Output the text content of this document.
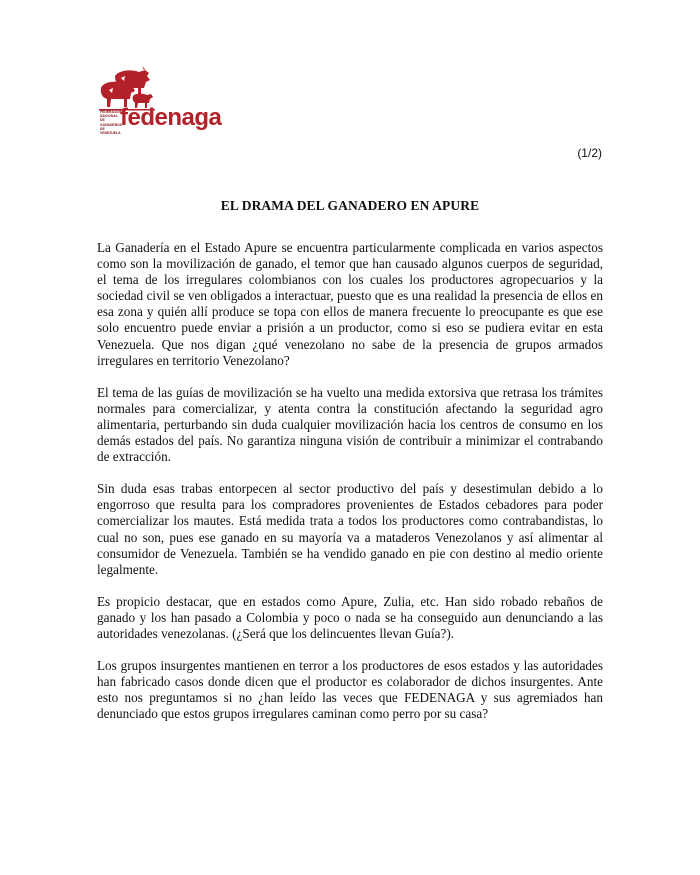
FEDERACIÓN
NACIONAL
DE GANADEROS
DE VENEZUELA
fedenaga
(1/2)
EL DRAMA DEL GANADERO EN APURE

La Ganadería en el Estado Apure se encuentra particularmente complicada en varios aspectos como son la movilización de ganado, el temor que han causado algunos cuerpos de seguridad, el tema de los irregulares colombianos con los cuales los productores agropecuarios y la sociedad civil se ven obligados a interactuar, puesto que es una realidad la presencia de ellos en esa zona y quién allí produce se topa con ellos de manera frecuente lo preocupante es que ese solo encuentro puede enviar a prisión a un productor, como si eso se pudiera evitar en esta Venezuela. Que nos digan ¿qué venezolano no sabe de la presencia de grupos armados irregulares en territorio Venezolano?

El tema de las guías de movilización se ha vuelto una medida extorsiva que retrasa los trámites normales para comercializar, y atenta contra la constitución afectando la seguridad agro alimentaria, perturbando sin duda cualquier movilización hacia los centros de consumo en los demás estados del país. No garantiza ninguna visión de contribuir a minimizar el contrabando de extracción.

Sin duda esas trabas entorpecen al sector productivo del país y desestimulan debido a lo engorroso que resulta para los compradores provenientes de Estados cebadores para poder comercializar los mautes. Está medida trata a todos los productores como contrabandistas, lo cual no son, pues ese ganado en su mayoría va a mataderos Venezolanos y así alimentar al consumidor de Venezuela. También se ha vendido ganado en pie con destino al medio oriente legalmente.

Es propicio destacar, que en estados como Apure, Zulia, etc. Han sido robado rebaños de ganado y los han pasado a Colombia y poco o nada se ha conseguido aun denunciando a las autoridades venezolanas. (¿Será que los delincuentes llevan Guía?).

Los grupos insurgentes mantienen en terror a los productores de esos estados y las autoridades han fabricado casos donde dicen que el productor es colaborador de dichos insurgentes. Ante esto nos preguntamos si no ¿han leído las veces que FEDENAGA y sus agremiados han denunciado que estos grupos irregulares caminan como perro por su casa?
